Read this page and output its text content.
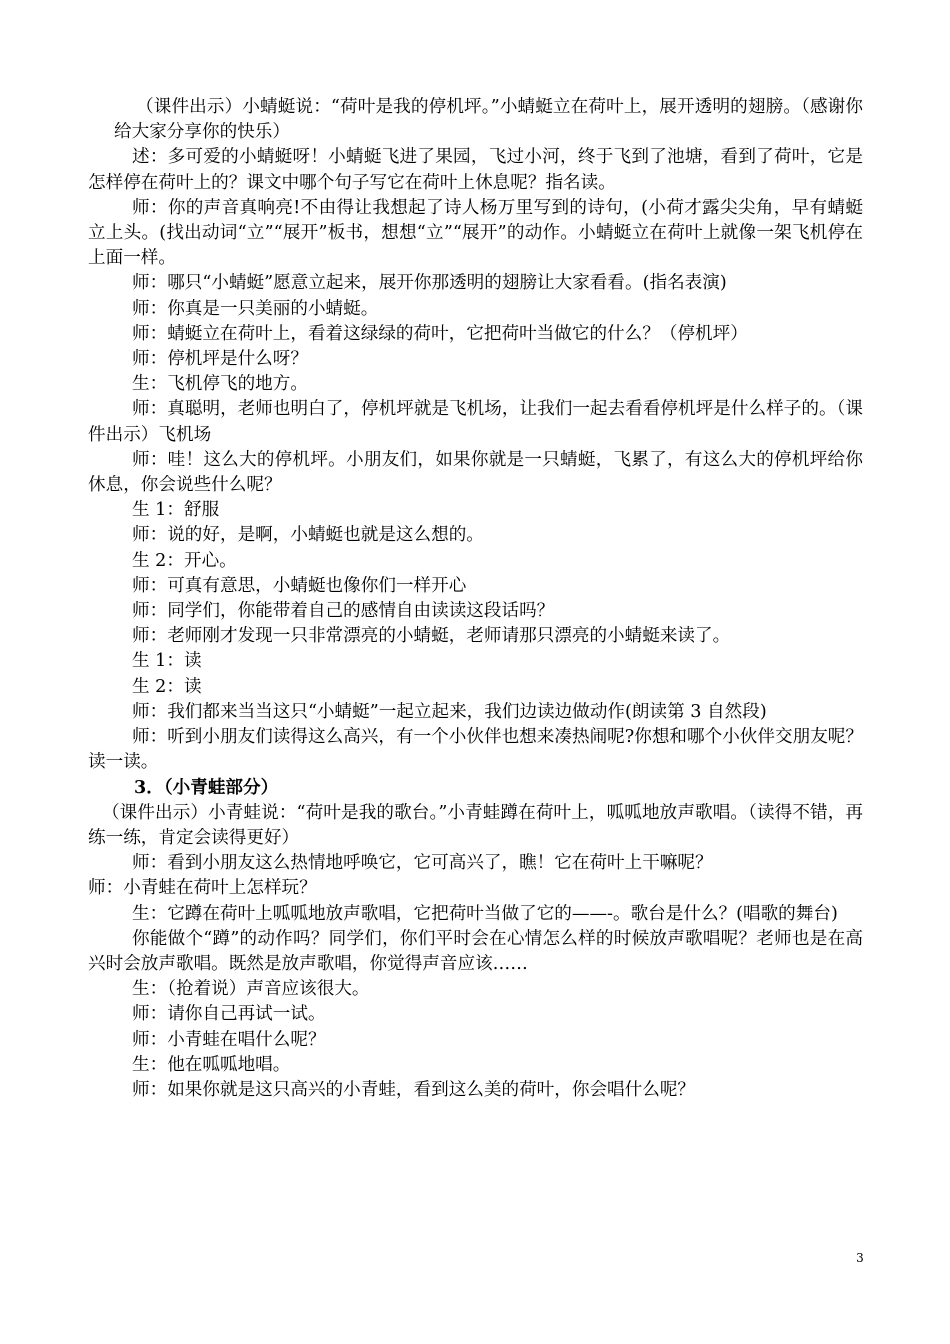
（课件出示）小蜻蜓说：“荷叶是我的停机坪。”小蜻蜓立在荷叶上，展开透明的翅膀。（感谢你给大家分享你的快乐）

述：多可爱的小蜻蜓呀！小蜻蜓飞进了果园，飞过小河，终于飞到了池塘，看到了荷叶，它是怎样停在荷叶上的？课文中哪个句子写它在荷叶上休息呢？指名读。

师：你的声音真响亮!不由得让我想起了诗人杨万里写到的诗句，(小荷才露尖尖角，早有蜻蜓立上头。(找出动词“立”“展开”板书，想想“立”“展开”的动作。小蜻蜓立在荷叶上就像一架飞机停在上面一样。

师：哪只“小蜻蜓”愿意立起来，展开你那透明的翅膀让大家看看。(指名表演)

师：你真是一只美丽的小蜻蜓。

师：蜻蜓立在荷叶上，看着这绿绿的荷叶，它把荷叶当做它的什么？（停机坪）

师：停机坪是什么呀？

生：飞机停飞的地方。

师：真聪明，老师也明白了，停机坪就是飞机场，让我们一起去看看停机坪是什么样子的。（课件出示）飞机场

师：哇！这么大的停机坪。小朋友们，如果你就是一只蜻蜓，飞累了，有这么大的停机坪给你休息，你会说些什么呢？

生 1：舒服

师：说的好，是啊，小蜻蜓也就是这么想的。

生 2：开心。

师：可真有意思，小蜻蜓也像你们一样开心

师：同学们，你能带着自己的感情自由读读这段话吗？

师：老师刚才发现一只非常漂亮的小蜻蜓，老师请那只漂亮的小蜻蜓来读了。

生 1：读

生 2：读

师：我们都来当当这只“小蜻蜓”一起立起来，我们边读边做动作(朗读第 3 自然段)

师：听到小朋友们读得这么高兴，有一个小伙伴也想来凑热闹呢?你想和哪个小伙伴交朋友呢？读一读。

3．（小青蛙部分）

（课件出示）小青蛙说：“荷叶是我的歌台。”小青蛙蹲在荷叶上，呱呱地放声歌唱。（读得不错，再练一练，肯定会读得更好）

师：看到小朋友这么热情地呼唤它，它可高兴了，瞧！它在荷叶上干嘛呢？

师：小青蛙在荷叶上怎样玩？

生：它蹲在荷叶上呱呱地放声歌唱，它把荷叶当做了它的——-。歌台是什么？(唱歌的舞台)

你能做个“蹲”的动作吗？同学们，你们平时会在心情怎么样的时候放声歌唱呢？老师也是在高兴时会放声歌唱。既然是放声歌唱，你觉得声音应该……

生：（抢着说）声音应该很大。

师：请你自己再试一试。

师：小青蛙在唱什么呢？

生：他在呱呱地唱。

师：如果你就是这只高兴的小青蛙，看到这么美的荷叶，你会唱什么呢？

3
